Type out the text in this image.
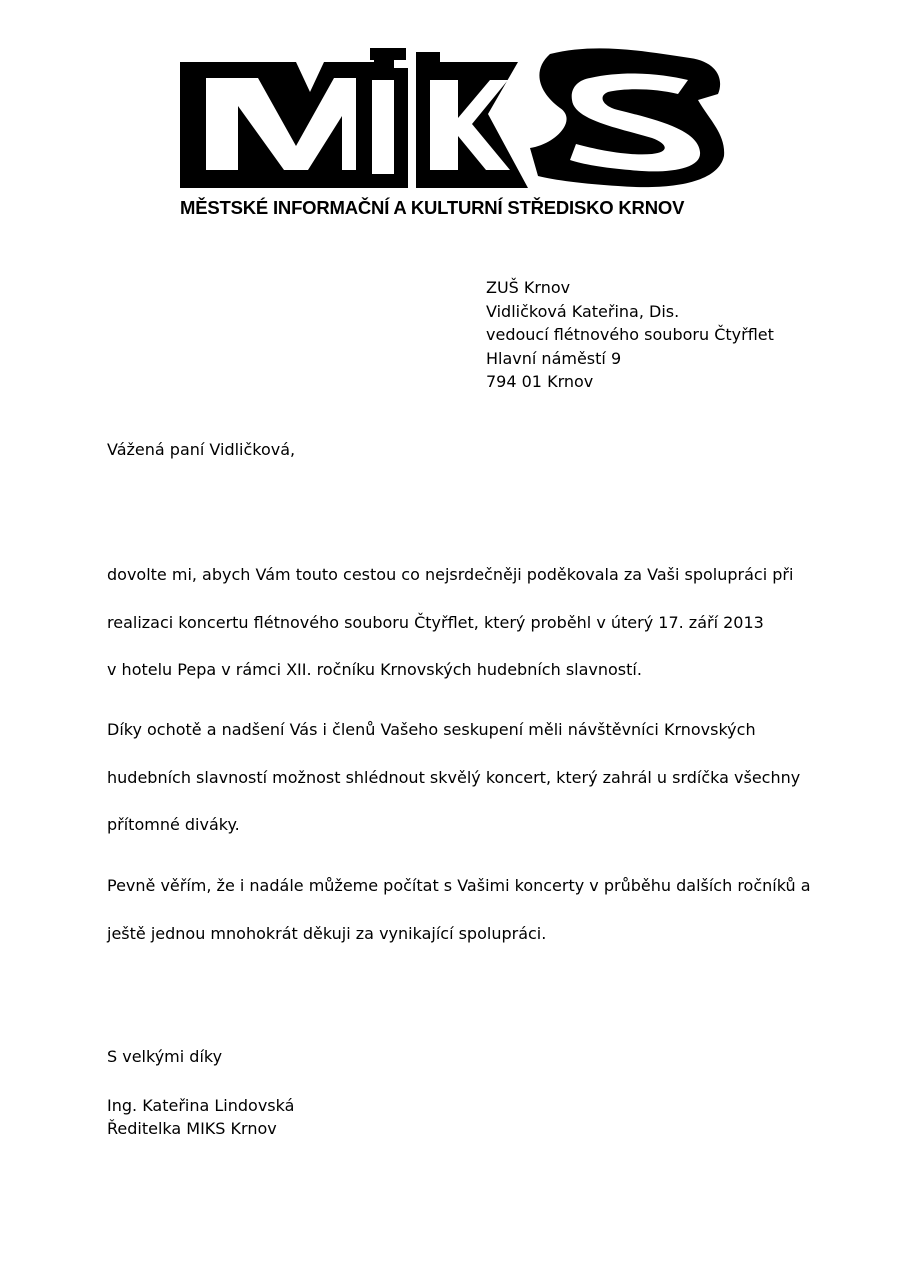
MĚSTSKÉ INFORMAČNÍ A KULTURNÍ STŘEDISKO KRNOV
ZUŠ Krnov
Vidličková Kateřina, Dis.
vedoucí flétnového souboru Čtyřflet
Hlavní náměstí 9
794 01 Krnov
Vážená paní Vidličková,
dovolte mi, abych Vám touto cestou co nejsrdečněji poděkovala za Vaši spolupráci při
realizaci koncertu flétnového souboru Čtyřflet, který proběhl v úterý 17. září 2013
v hotelu Pepa v rámci XII. ročníku Krnovských hudebních slavností.
Díky ochotě a nadšení Vás i členů Vašeho seskupení měli návštěvníci Krnovských
hudebních slavností možnost shlédnout skvělý koncert, který zahrál u srdíčka všechny
přítomné diváky.
Pevně věřím, že i nadále můžeme počítat s Vašimi koncerty v průběhu dalších ročníků a
ještě jednou mnohokrát děkuji za vynikající spolupráci.
S velkými díky
Ing. Kateřina Lindovská
Ředitelka MIKS Krnov
